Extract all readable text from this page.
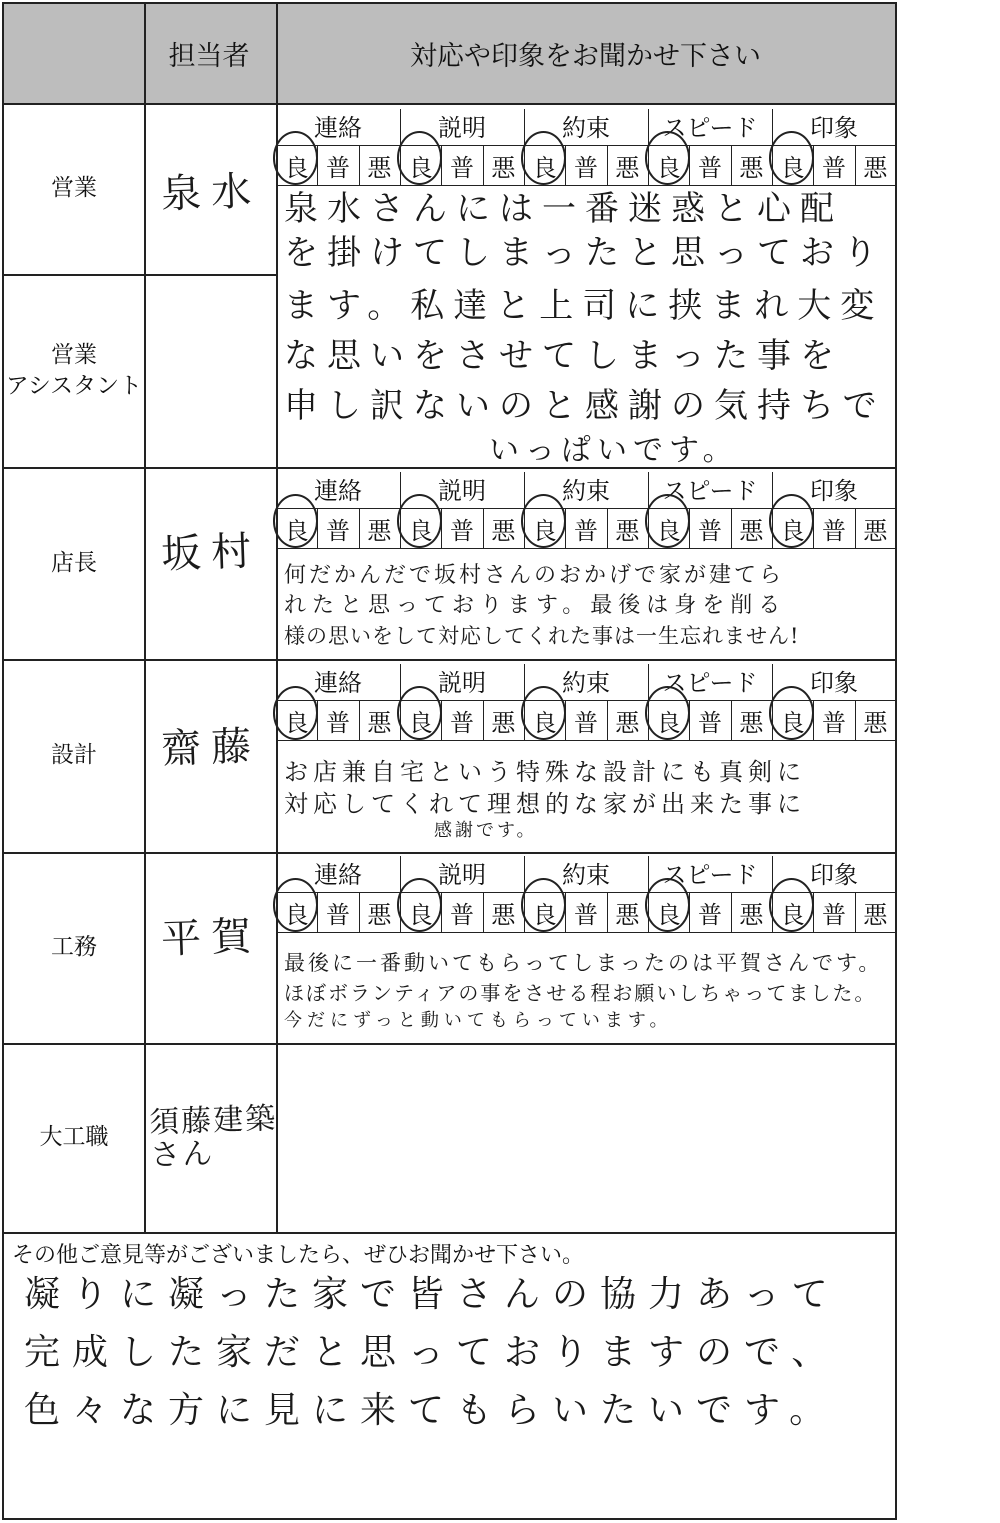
担当者	対応や印象をお聞かせ下さい
営業
営業
アシスタント
店長
設計
工務
大工職
泉水
坂村
齋藤
平賀
須藤建築さん
連絡
良 普 悪
説明
良 普 悪
約束
良 普 悪
スピード
良 普 悪
印象
良 普 悪
連絡
良 普 悪
説明
良 普 悪
約束
良 普 悪
スピード
良 普 悪
印象
良 普 悪
連絡
良 普 悪
説明
良 普 悪
約束
良 普 悪
スピード
良 普 悪
印象
良 普 悪
連絡
良 普 悪
説明
良 普 悪
約束
良 普 悪
スピード
良 普 悪
印象
良 普 悪
泉水さんには一番迷惑と心配
を掛けてしまったと思っており
ます。私達と上司に挟まれ大変
な思いをさせてしまった事を
申し訳ないのと感謝の気持ちで
いっぱいです。
何だかんだで坂村さんのおかげで家が建てら
れたと思っております。最後は身を削る
様の思いをして対応してくれた事は一生忘れません!
お店兼自宅という特殊な設計にも真剣に
対応してくれて理想的な家が出来た事に
感謝です。
最後に一番動いてもらってしまったのは平賀さんです。
ほぼボランティアの事をさせる程お願いしちゃってました。
今だにずっと動いてもらっています。
その他ご意見等がございましたら、ぜひお聞かせ下さい。
凝りに凝った家で皆さんの協力あって
完成した家だと思っておりますので、
色々な方に見に来てもらいたいです。
